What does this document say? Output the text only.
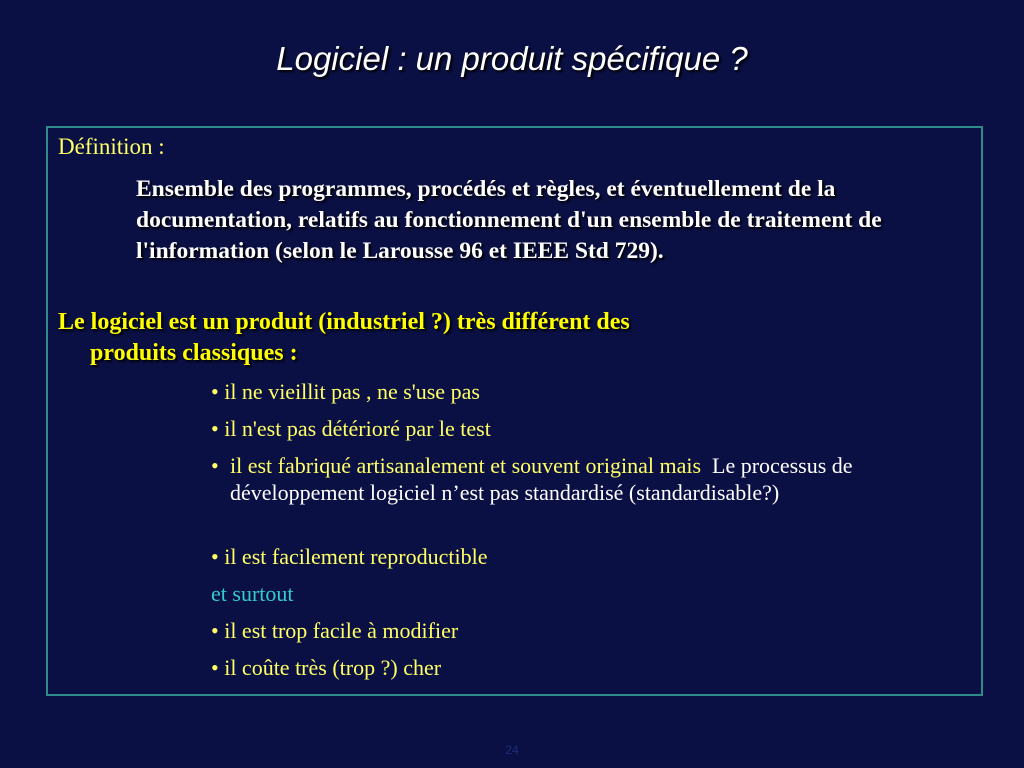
Logiciel : un produit spécifique ?
Définition :
Ensemble des programmes, procédés et règles, et éventuellement de la documentation, relatifs au fonctionnement d'un ensemble de traitement de l'information (selon le Larousse 96 et IEEE Std 729).
Le logiciel est un produit (industriel ?) très différent des
produits classiques :
• il ne vieillit pas , ne s'use pas
• il n'est pas détérioré par le test
• il est fabriqué artisanalement et souvent original mais Le processus de développement logiciel n’est pas standardisé (standardisable?)
• il est facilement reproductible
et surtout
• il est trop facile à modifier
• il coûte très (trop ?) cher
24
